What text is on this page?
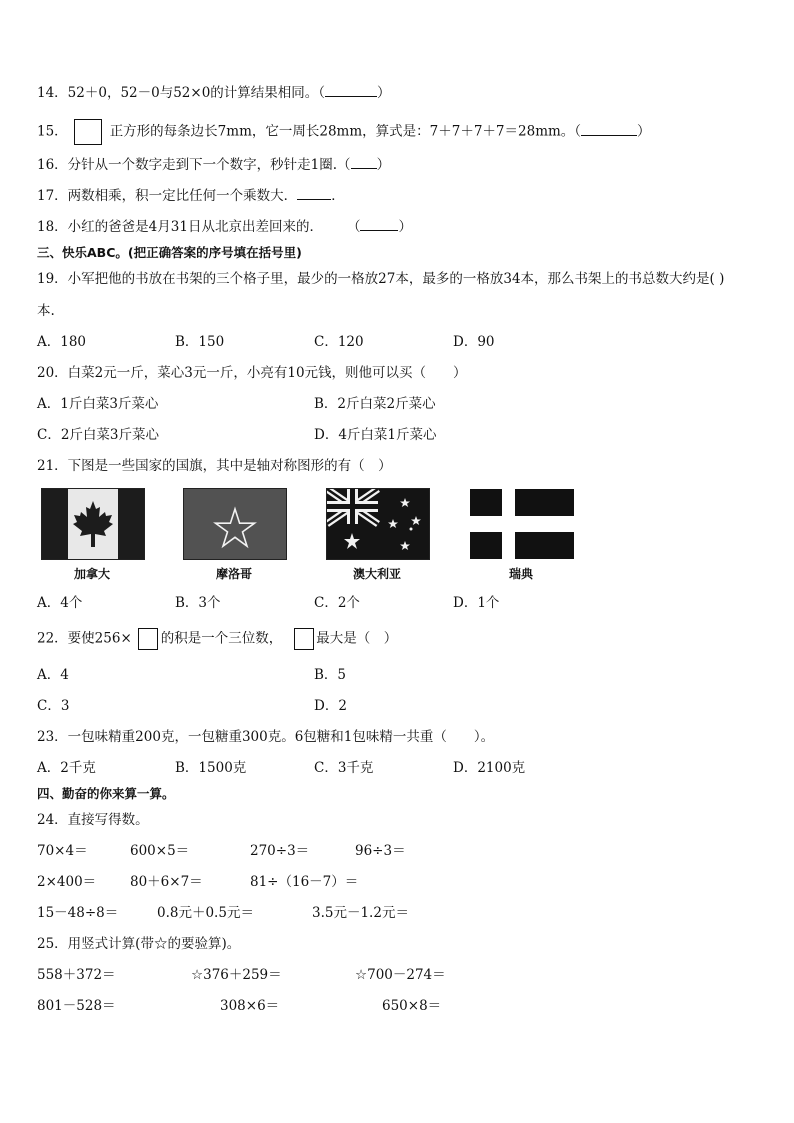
14．52＋0，52－0与52×0的计算结果相同。（	）
15．	正方形的每条边长7mm，它一周长28mm，算式是：7＋7＋7＋7＝28mm。（	）
16．分针从一个数字走到下一个数字，秒针走1圈.（ ）
17．两数相乘，积一定比任何一个乘数大．	．
18．小红的爸爸是4月31日从北京出差回来的． （	）
三、快乐ABC。(把正确答案的序号填在括号里)
19．小军把他的书放在书架的三个格子里，最少的一格放27本，最多的一格放34本，那么书架上的书总数大约是( )
本.
A．180	B．150	C．120	D．90
20．白菜2元一斤，菜心3元一斤，小亮有10元钱，则他可以买（　　）
A．1斤白菜3斤菜心	B．2斤白菜2斤菜心
C．2斤白菜3斤菜心	D．4斤白菜1斤菜心
21．下图是一些国家的国旗，其中是轴对称图形的有（　）
加拿大	摩洛哥	澳大利亚	瑞典
A．4个	B．3个	C．2个	D．1个
22．要使256× 的积是一个三位数，	最大是（　）
A．4	B．5
C．3	D．2
23．一包味精重200克，一包糖重300克。6包糖和1包味精一共重（　　）。
A．2千克	B．1500克	C．3千克	D．2100克
四、勤奋的你来算一算。
24．直接写得数。
70×4＝	600×5＝	270÷3＝	96÷3＝
2×400＝	80＋6×7＝	81÷（16－7）＝
15－48÷8＝	0.8元＋0.5元＝	3.5元－1.2元＝
25．用竖式计算(带☆的要验算)。
558＋372＝	☆376＋259＝	☆700－274＝
801－528＝	308×6＝	650×8＝
